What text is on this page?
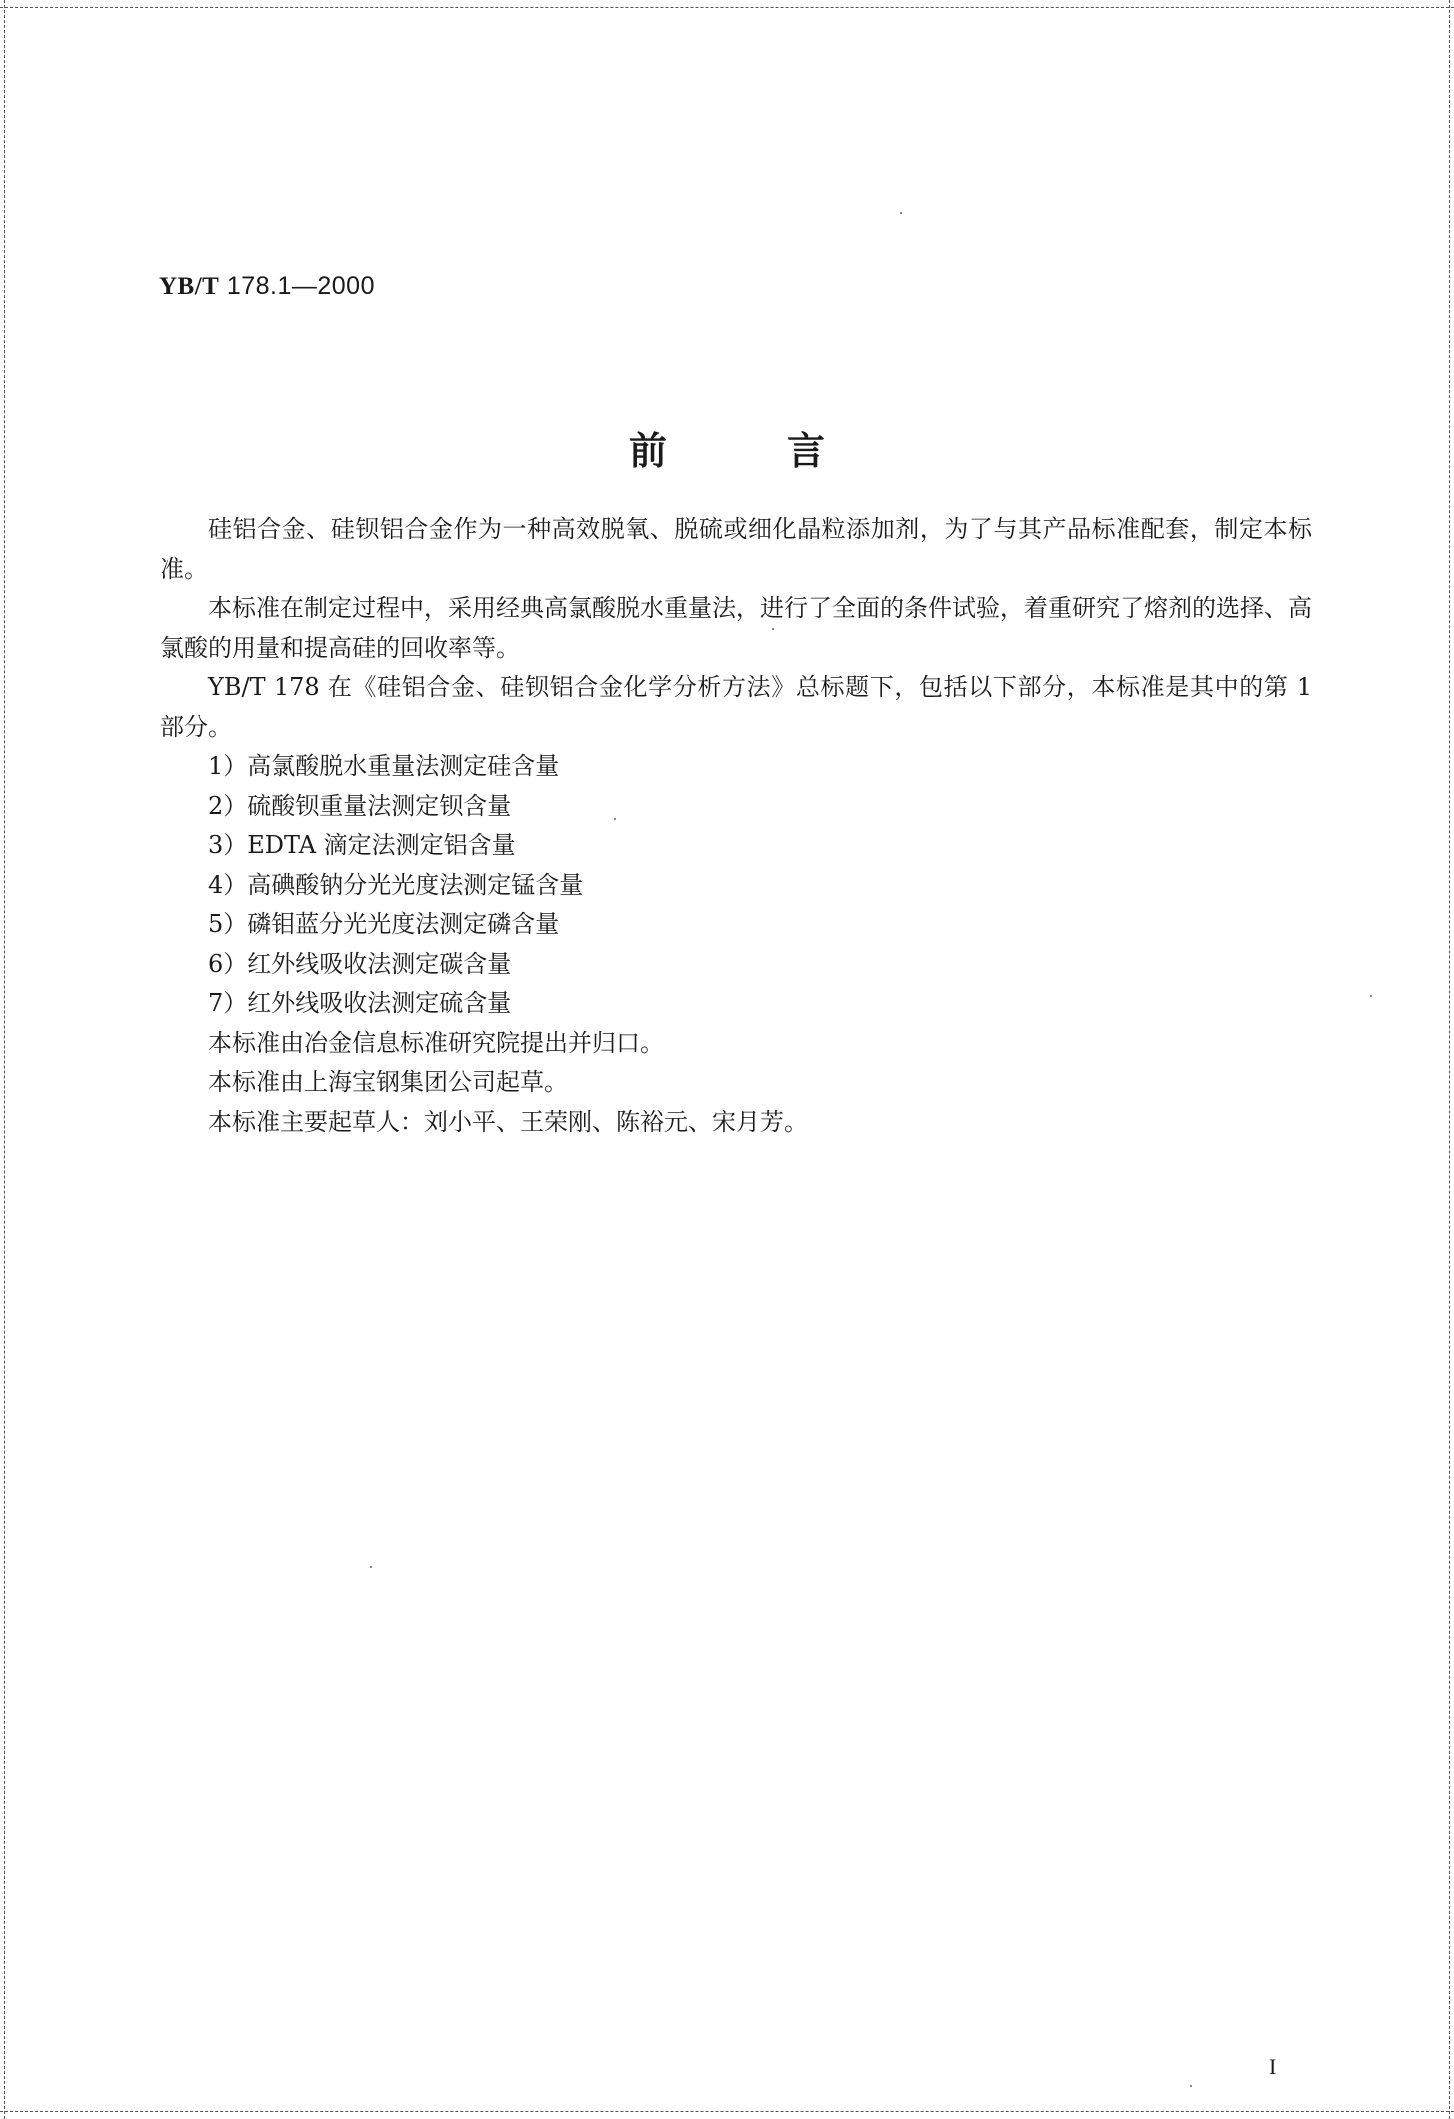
YB/T 178.1—2000
前	言

硅铝合金、硅钡铝合金作为一种高效脱氧、脱硫或细化晶粒添加剂，为了与其产品标准配套，制定本标准。

本标准在制定过程中，采用经典高氯酸脱水重量法，进行了全面的条件试验，着重研究了熔剂的选择、高氯酸的用量和提高硅的回收率等。

YB/T 178 在《硅铝合金、硅钡铝合金化学分析方法》总标题下，包括以下部分，本标准是其中的第 1 部分。

1）高氯酸脱水重量法测定硅含量

2）硫酸钡重量法测定钡含量

3）EDTA 滴定法测定铝含量

4）高碘酸钠分光光度法测定锰含量

5）磷钼蓝分光光度法测定磷含量

6）红外线吸收法测定碳含量

7）红外线吸收法测定硫含量

本标准由冶金信息标准研究院提出并归口。

本标准由上海宝钢集团公司起草。

本标准主要起草人：刘小平、王荣刚、陈裕元、宋月芳。

I
